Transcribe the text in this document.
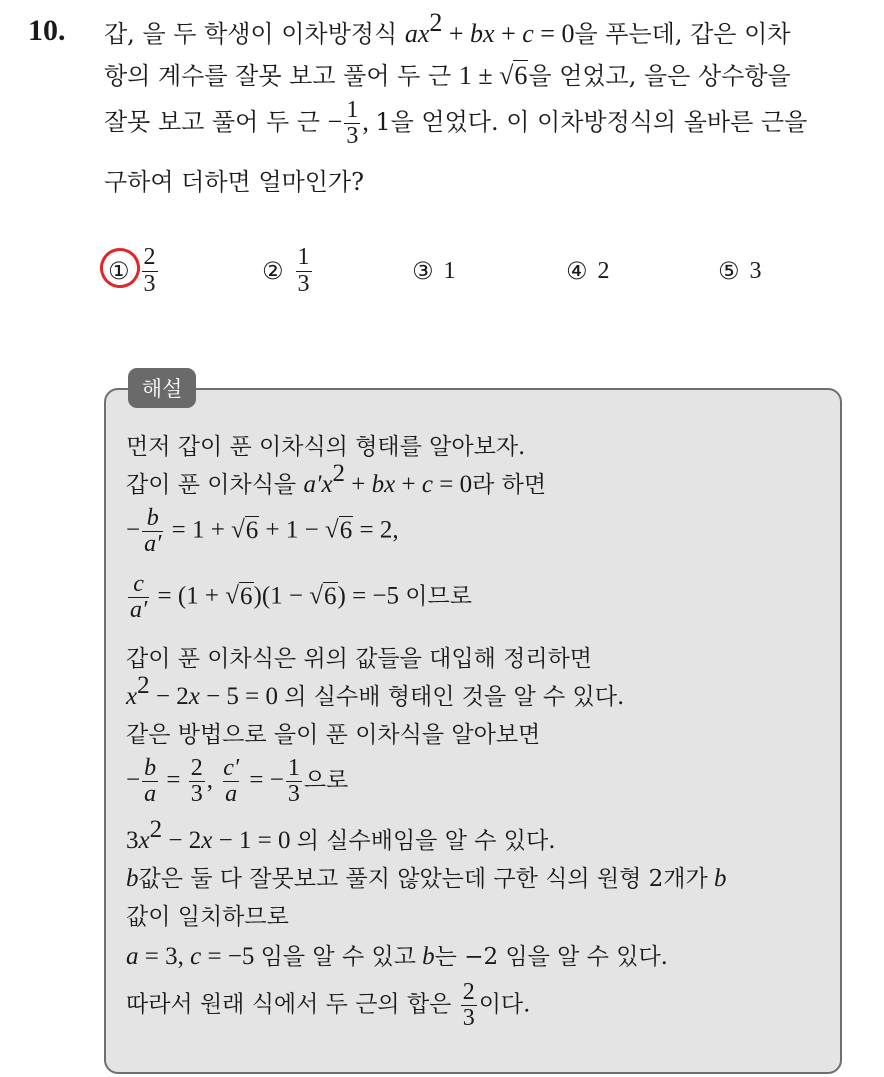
10. 갑, 을 두 학생이 이차방정식 $ax^2$ + bx + c = 0을 푸는데, 갑은 이차
항의 계수를 잘못 보고 풀어 두 근 1 ± √6을 얻었고, 을은 상수항을
잘못 보고 풀어 두 근 − $\frac{1}{3}$ , 1을 얻었다. 이 이차방정식의 올바른 근을
구하여 더하면 얼마인가?
① $\frac{2}{3}$	② $\frac{1}{3}$	③ 1	④ 2	⑤ 3
해설
먼저 갑이 푼 이차식의 형태를 알아보자.
갑이 푼 이차식을 $a'x^2$ + bx + c = 0라 하면
− $\frac{b}{a'} = 1 + √6 + 1 - √6 = 2$,
$\frac{c}{a'} = (1 + √6)(1 - √6) = -5$ 이므로
갑이 푼 이차식은 위의 값들을 대입해 정리하면
$x^2 - 2x - 5 = 0$ 의 실수배 형태인 것을 알 수 있다.
같은 방법으로 을이 푼 이차식을 알아보면
− $\frac{b}{a} = \frac{2}{3}$ , $\frac{c'}{a}$ = − $\frac{1}{3}$ 으로
$3x^2 - 2x - 1 = 0$ 의 실수배임을 알 수 있다.
b값은 둘 다 잘못보고 풀지 않았는데 구한 식의 원형 2개가 b
값이 일치하므로
a = 3, c = −5 임을 알 수 있고 b는 −2 임을 알 수 있다.
따라서 원래 식에서 두 근의 합은 $\frac{2}{3}$ 이다.
